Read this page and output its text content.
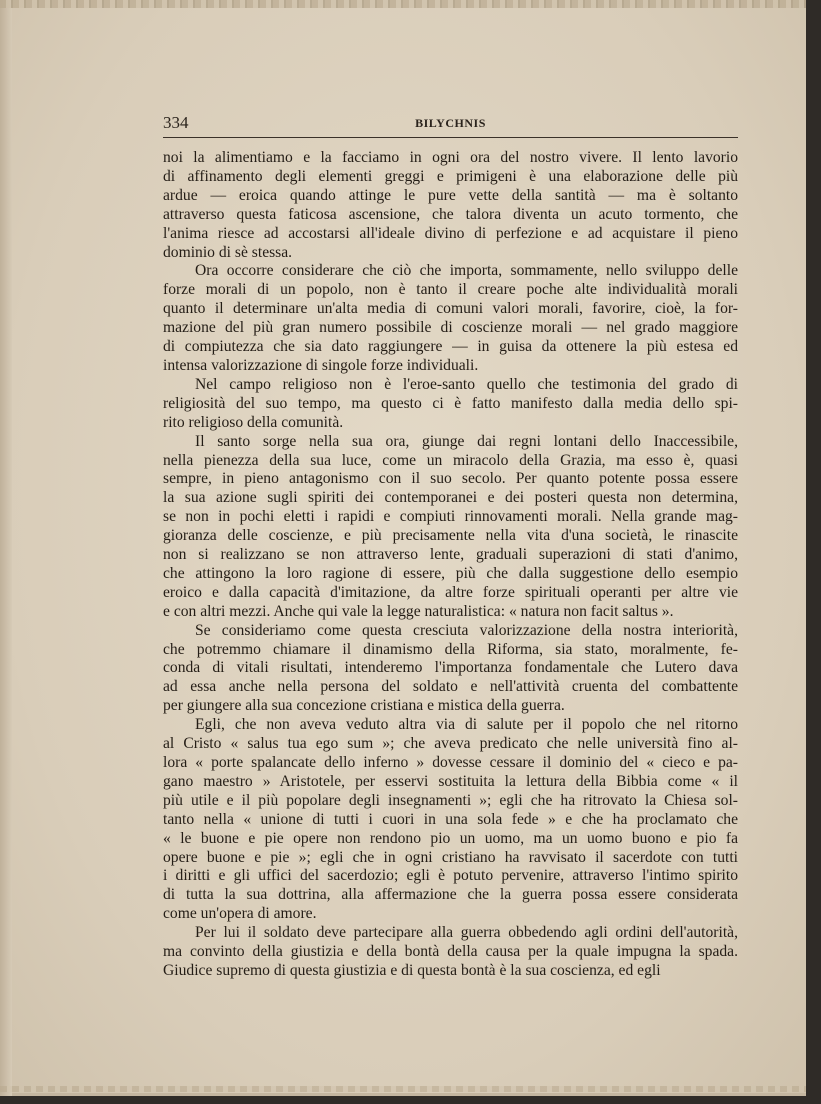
334	BILYCHNIS

noi la alimentiamo e la facciamo in ogni ora del nostro vivere. Il lento lavorio

di affinamento degli elementi greggi e primigeni è una elaborazione delle più

ardue — eroica quando attinge le pure vette della santità — ma è soltanto

attraverso questa faticosa ascensione, che talora diventa un acuto tormento, che

l'anima riesce ad accostarsi all'ideale divino di perfezione e ad acquistare il pieno

dominio di sè stessa.

Ora occorre considerare che ciò che importa, sommamente, nello sviluppo delle

forze morali di un popolo, non è tanto il creare poche alte individualità morali

quanto il determinare un'alta media di comuni valori morali, favorire, cioè, la for-

mazione del più gran numero possibile di coscienze morali — nel grado maggiore

di compiutezza che sia dato raggiungere — in guisa da ottenere la più estesa ed

intensa valorizzazione di singole forze individuali.

Nel campo religioso non è l'eroe-santo quello che testimonia del grado di

religiosità del suo tempo, ma questo ci è fatto manifesto dalla media dello spi-

rito religioso della comunità.

Il santo sorge nella sua ora, giunge dai regni lontani dello Inaccessibile,

nella pienezza della sua luce, come un miracolo della Grazia, ma esso è, quasi

sempre, in pieno antagonismo con il suo secolo. Per quanto potente possa essere

la sua azione sugli spiriti dei contemporanei e dei posteri questa non determina,

se non in pochi eletti i rapidi e compiuti rinnovamenti morali. Nella grande mag-

gioranza delle coscienze, e più precisamente nella vita d'una società, le rinascite

non si realizzano se non attraverso lente, graduali superazioni di stati d'animo,

che attingono la loro ragione di essere, più che dalla suggestione dello esempio

eroico e dalla capacità d'imitazione, da altre forze spirituali operanti per altre vie

e con altri mezzi. Anche qui vale la legge naturalistica: « natura non facit saltus ».

Se consideriamo come questa cresciuta valorizzazione della nostra interiorità,

che potremmo chiamare il dinamismo della Riforma, sia stato, moralmente, fe-

conda di vitali risultati, intenderemo l'importanza fondamentale che Lutero dava

ad essa anche nella persona del soldato e nell'attività cruenta del combattente

per giungere alla sua concezione cristiana e mistica della guerra.

Egli, che non aveva veduto altra via di salute per il popolo che nel ritorno

al Cristo « salus tua ego sum »; che aveva predicato che nelle università fino al-

lora « porte spalancate dello inferno » dovesse cessare il dominio del « cieco e pa-

gano maestro » Aristotele, per esservi sostituita la lettura della Bibbia come « il

più utile e il più popolare degli insegnamenti »; egli che ha ritrovato la Chiesa sol-

tanto nella « unione di tutti i cuori in una sola fede » e che ha proclamato che

« le buone e pie opere non rendono pio un uomo, ma un uomo buono e pio fa

opere buone e pie »; egli che in ogni cristiano ha ravvisato il sacerdote con tutti

i diritti e gli uffici del sacerdozio; egli è potuto pervenire, attraverso l'intimo spirito

di tutta la sua dottrina, alla affermazione che la guerra possa essere considerata

come un'opera di amore.

Per lui il soldato deve partecipare alla guerra obbedendo agli ordini dell'autorità,

ma convinto della giustizia e della bontà della causa per la quale impugna la spada.

Giudice supremo di questa giustizia e di questa bontà è la sua coscienza, ed egli
